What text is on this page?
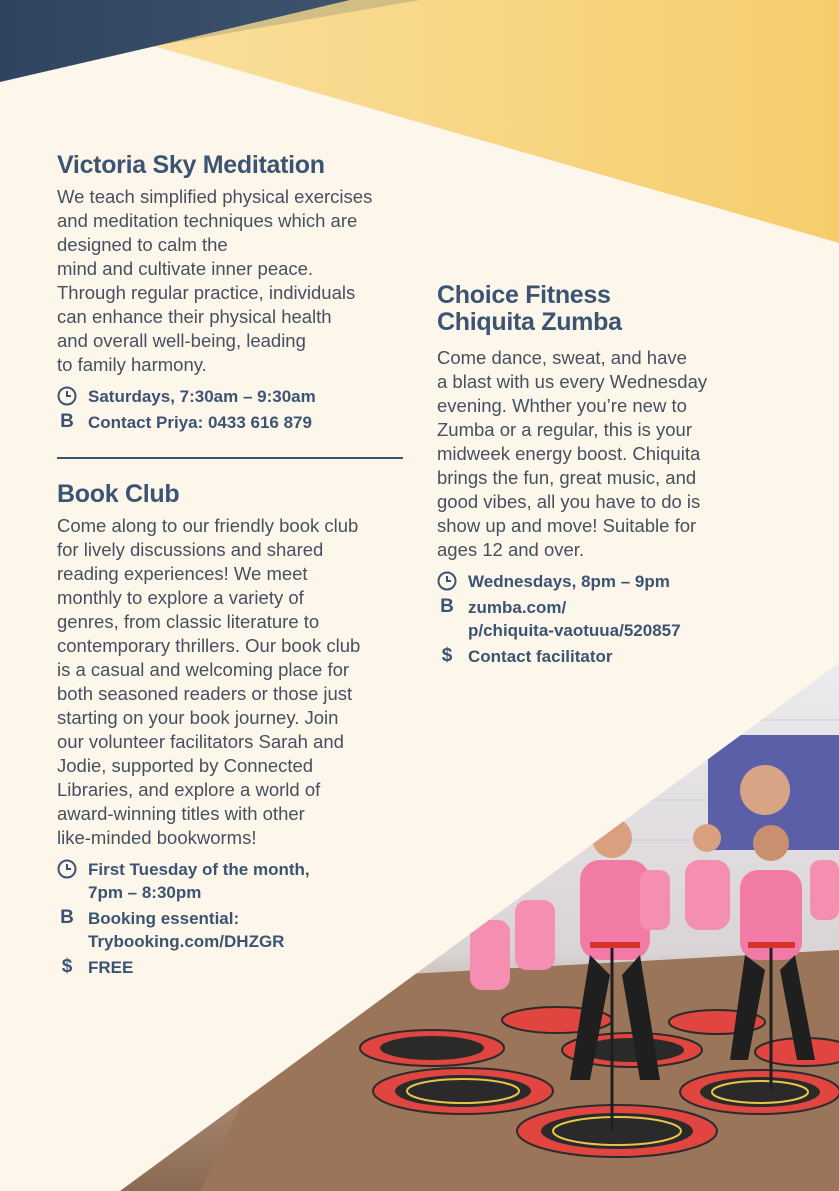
Victoria Sky Meditation

We teach simplified physical exercises
and meditation techniques which are
designed to calm the
mind and cultivate inner peace.
Through regular practice, individuals
can enhance their physical health
and overall well-being, leading
to family harmony.

Saturdays, 7:30am – 9:30am
B Contact Priya: 0433 616 879
Book Club

Come along to our friendly book club
for lively discussions and shared
reading experiences! We meet
monthly to explore a variety of
genres, from classic literature to
contemporary thrillers. Our book club
is a casual and welcoming place for
both seasoned readers or those just
starting on your book journey. Join
our volunteer facilitators Sarah and
Jodie, supported by Connected
Libraries, and explore a world of
award-winning titles with other
like-minded bookworms!

First Tuesday of the month,
7pm – 8:30pm
B Booking essential:
Trybooking.com/DHZGR
$ FREE
Choice Fitness
Chiquita Zumba

Come dance, sweat, and have
a blast with us every Wednesday
evening. Whther you’re new to
Zumba or a regular, this is your
midweek energy boost. Chiquita
brings the fun, great music, and
good vibes, all you have to do is
show up and move! Suitable for
ages 12 and over.

Wednesdays, 8pm – 9pm
B zumba.com/
p/chiquita-vaotuua/520857
$ Contact facilitator
